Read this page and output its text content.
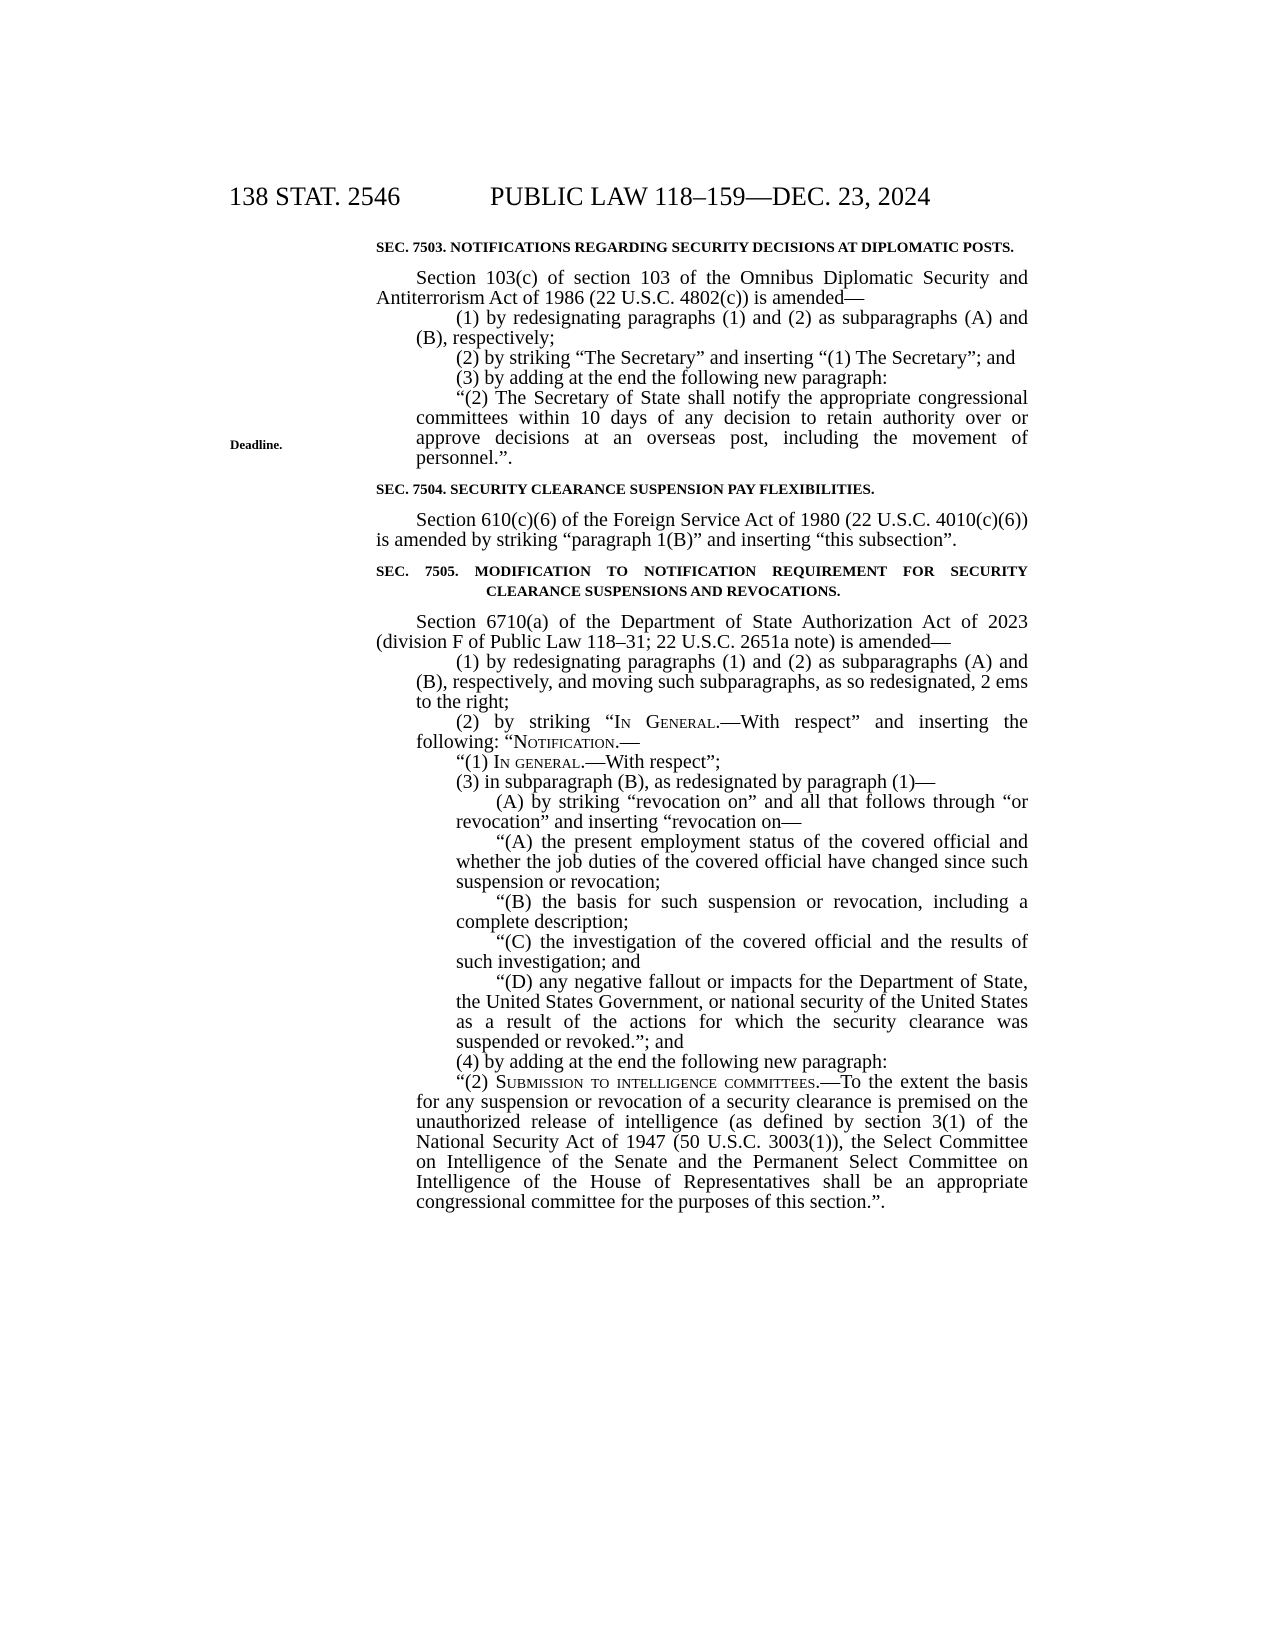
138 STAT. 2546	PUBLIC LAW 118–159—DEC. 23, 2024
Deadline.

SEC. 7503. NOTIFICATIONS REGARDING SECURITY DECISIONS AT DIPLOMATIC POSTS.

Section 103(c) of section 103 of the Omnibus Diplomatic Security and Antiterrorism Act of 1986 (22 U.S.C. 4802(c)) is amended—

(1) by redesignating paragraphs (1) and (2) as subparagraphs (A) and (B), respectively;

(2) by striking “The Secretary” and inserting “(1) The Secretary”; and

(3) by adding at the end the following new paragraph:

“(2) The Secretary of State shall notify the appropriate congressional committees within 10 days of any decision to retain authority over or approve decisions at an overseas post, including the movement of personnel.”.

SEC. 7504. SECURITY CLEARANCE SUSPENSION PAY FLEXIBILITIES.

Section 610(c)(6) of the Foreign Service Act of 1980 (22 U.S.C. 4010(c)(6)) is amended by striking “paragraph 1(B)” and inserting “this subsection”.

SEC. 7505. MODIFICATION TO NOTIFICATION REQUIREMENT FOR SECURITY CLEARANCE SUSPENSIONS AND REVOCATIONS.

Section 6710(a) of the Department of State Authorization Act of 2023 (division F of Public Law 118–31; 22 U.S.C. 2651a note) is amended—

(1) by redesignating paragraphs (1) and (2) as subparagraphs (A) and (B), respectively, and moving such subparagraphs, as so redesignated, 2 ems to the right;

(2) by striking “In General.—With respect” and inserting the following: “Notification.—

“(1) In general.—With respect”;

(3) in subparagraph (B), as redesignated by paragraph (1)—

(A) by striking “revocation on” and all that follows through “or revocation” and inserting “revocation on—

“(A) the present employment status of the covered official and whether the job duties of the covered official have changed since such suspension or revocation;

“(B) the basis for such suspension or revocation, including a complete description;

“(C) the investigation of the covered official and the results of such investigation; and

“(D) any negative fallout or impacts for the Department of State, the United States Government, or national security of the United States as a result of the actions for which the security clearance was suspended or revoked.”; and

(4) by adding at the end the following new paragraph:

“(2) Submission to intelligence committees.—To the extent the basis for any suspension or revocation of a security clearance is premised on the unauthorized release of intelligence (as defined by section 3(1) of the National Security Act of 1947 (50 U.S.C. 3003(1)), the Select Committee on Intelligence of the Senate and the Permanent Select Committee on Intelligence of the House of Representatives shall be an appropriate congressional committee for the purposes of this section.”.
